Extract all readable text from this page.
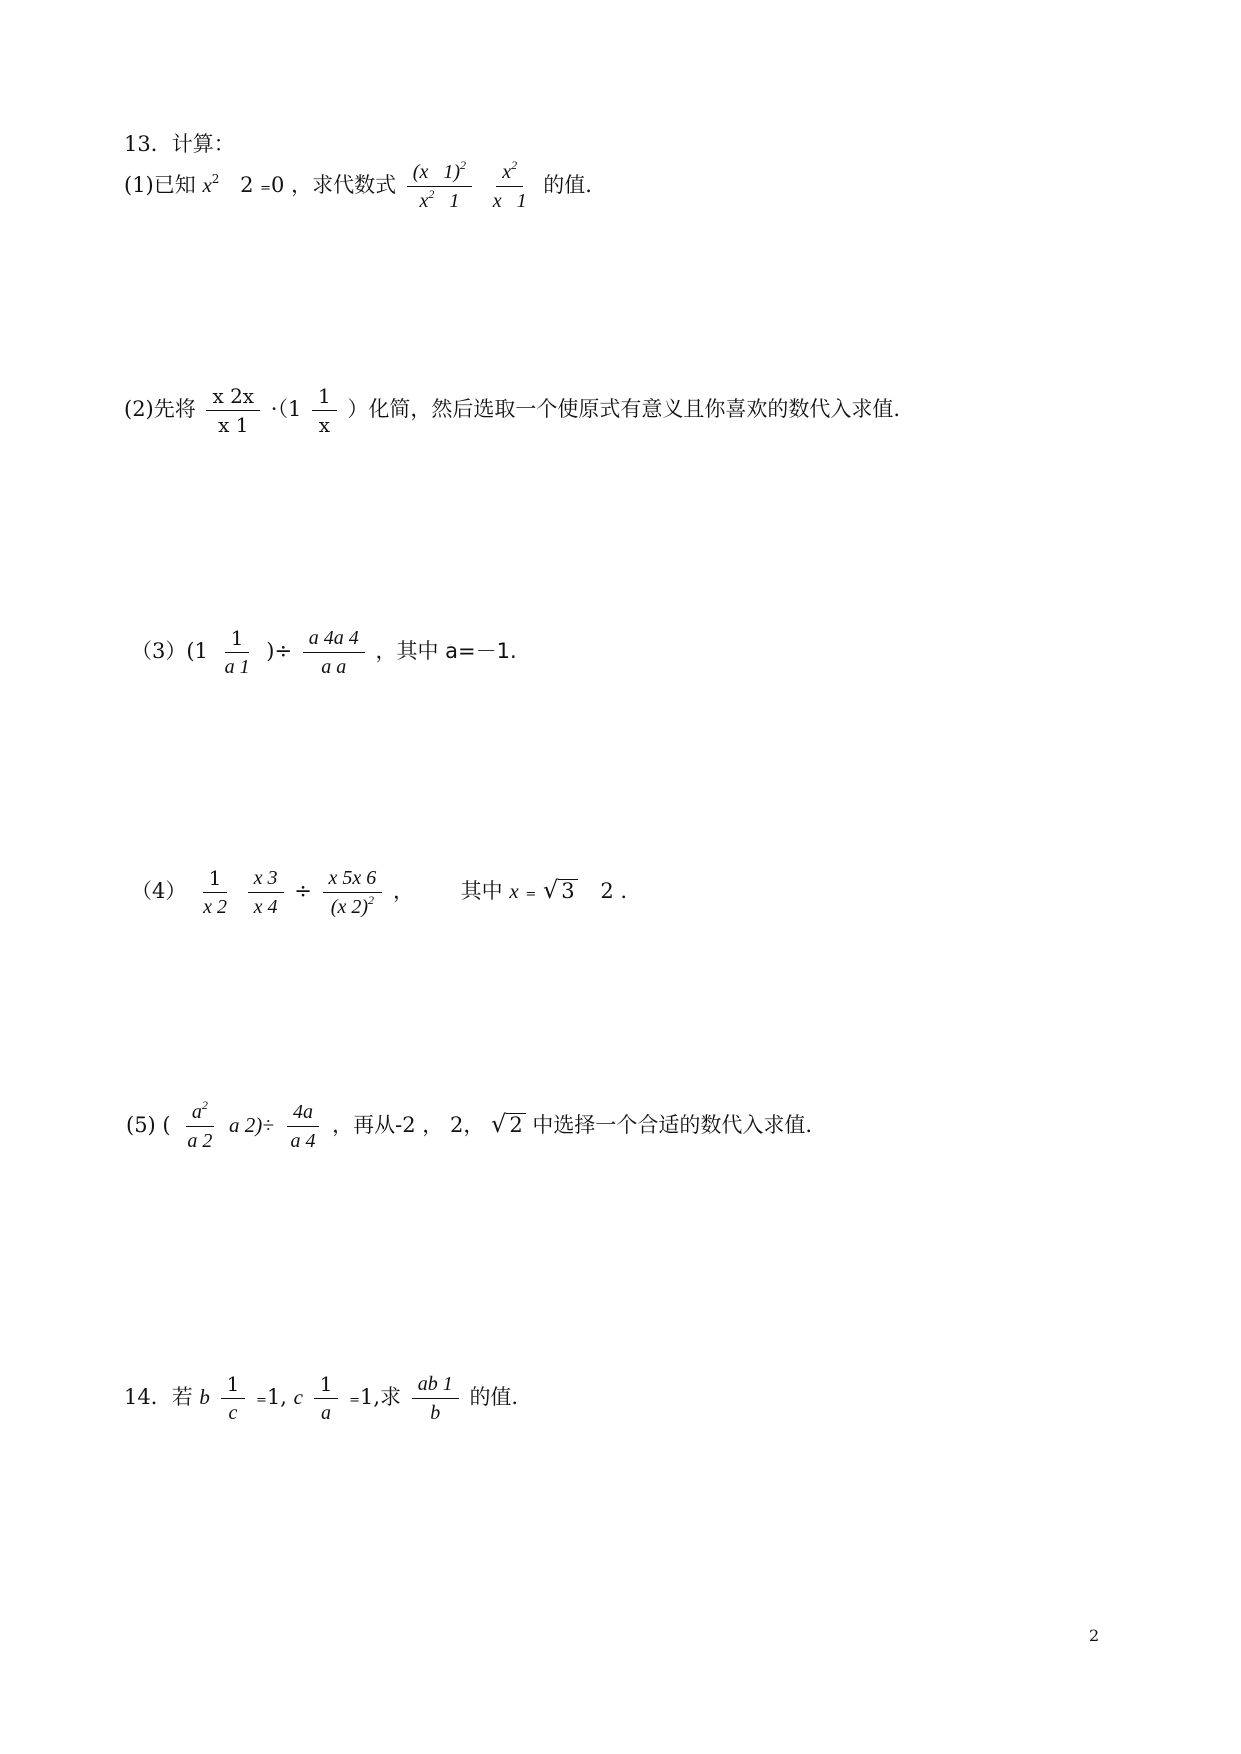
13．计算：
(1)已知 $x^2$ 2 =0 ，求代数式 $\frac{(x 1)^2}{x^2 1}$
$\frac{x^2}{x 1}$ 的值.
(2)先将 $\frac{x 2x}{x 1} \cdot(1 \frac{1}{x}$ ）化简，然后选取一个使原式有意义且你喜欢的数代入求值.
$(3)(1 \frac{1}{a 1}$ )÷ $\frac{a 4a 4}{\text{a a}}$ ，其中 a=－1.
$(4) \frac{1}{x 2}$
$\frac{x 3}{x 4} \div \frac{x 5x 6}{(x 2)^2}$ ， 其中 x = √ 3 2 .
(5) ( $\frac{a^2}{a 2}$ a $2)\div \frac{4a}{a 4}$ ，再从-2 ， 2， √ 2 中选择一个合适的数代入求值.
14．若 b $\frac{1}{c} =1$, c $\frac{1}{a} =1$,求 $\frac{ab 1}{b}$ 的值.
2
